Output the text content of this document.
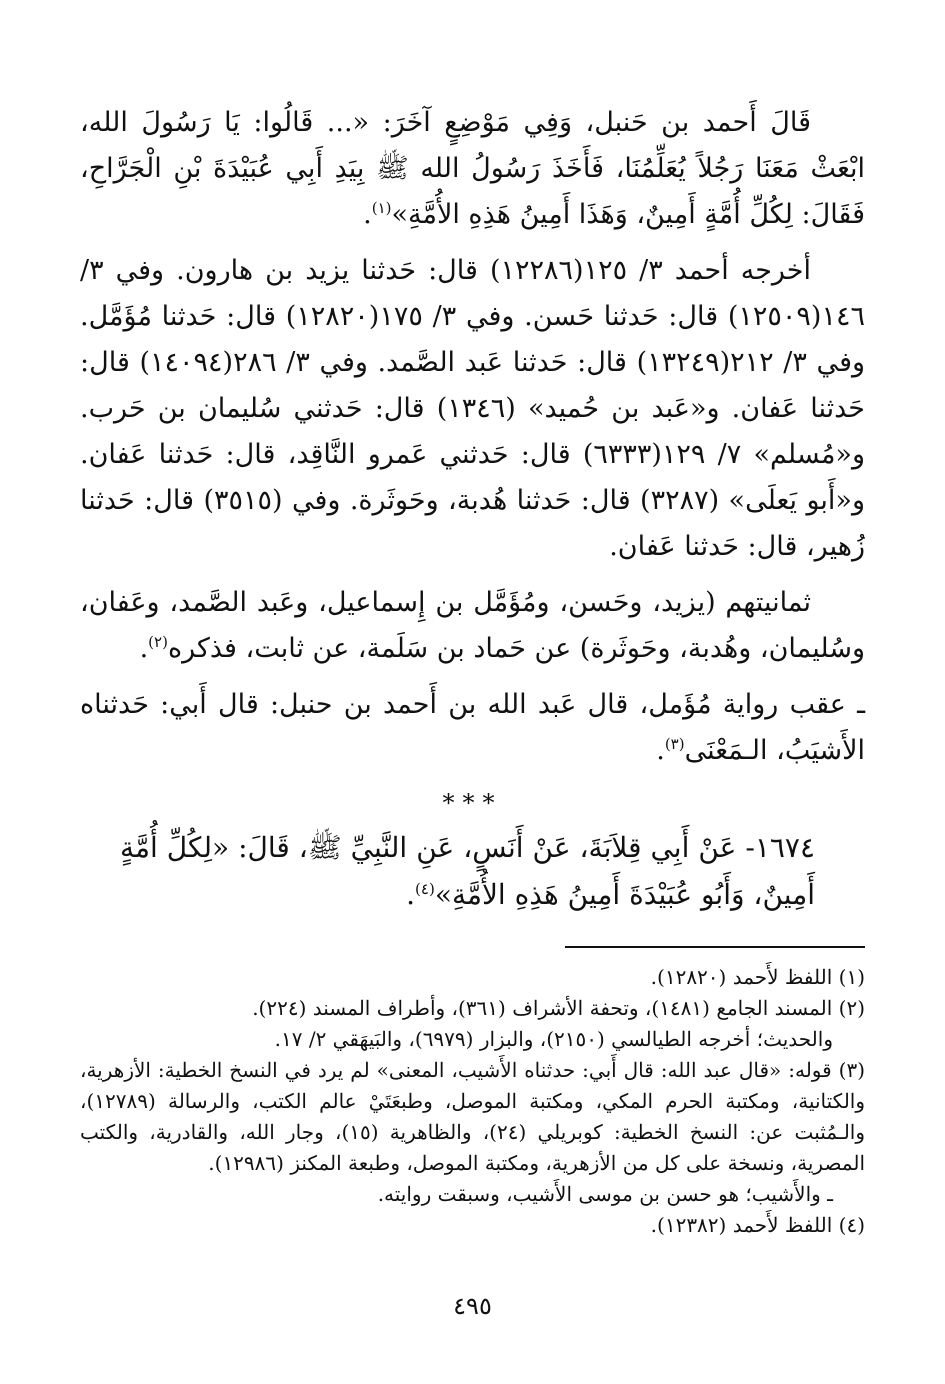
قَالَ أَحمد بن حَنبل، وَفِي مَوْضِعٍ آخَرَ: «... قَالُوا: يَا رَسُولَ الله، ابْعَثْ مَعَنَا رَجُلاً يُعَلِّمُنَا، فَأَخَذَ رَسُولُ الله ﷺ بِيَدِ أَبِي عُبَيْدَةَ بْنِ الْجَرَّاحِ، فَقَالَ: لِكُلِّ أُمَّةٍ أَمِينٌ، وَهَذَا أَمِينُ هَذِهِ الأُمَّةِ»$^{(١)}$.

أخرجه أحمد ٣/ ١٢٥(١٢٢٨٦) قال: حَدثنا يزيد بن هارون. وفي ٣/ ١٤٦(١٢٥٠٩) قال: حَدثنا حَسن. وفي ٣/ ١٧٥(١٢٨٢٠) قال: حَدثنا مُؤَمَّل. وفي ٣/ ٢١٢(١٣٢٤٩) قال: حَدثنا عَبد الصَّمد. وفي ٣/ ٢٨٦(١٤٠٩٤) قال: حَدثنا عَفان. و«عَبد بن حُميد» (١٣٤٦) قال: حَدثني سُليمان بن حَرب. و«مُسلم» ٧/ ١٢٩(٦٣٣٣) قال: حَدثني عَمرو النَّاقِد، قال: حَدثنا عَفان. و«أَبو يَعلَى» (٣٢٨٧) قال: حَدثنا هُدبة، وحَوثَرة. وفي (٣٥١٥) قال: حَدثنا زُهير، قال: حَدثنا عَفان.

ثمانيتهم (يزيد، وحَسن، ومُؤَمَّل بن إِسماعيل، وعَبد الصَّمد، وعَفان، وسُليمان، وهُدبة، وحَوثَرة) عن حَماد بن سَلَمة، عن ثابت، فذكره$^{(٢)}$.

ـ عقب رواية مُؤَمل، قال عَبد الله بن أَحمد بن حنبل: قال أَبي: حَدثناه الأَشيَبُ، الـمَعْنَى$^{(٣)}$.

***

١٦٧٤- عَنْ أَبِي قِلاَبَةَ، عَنْ أَنَسٍ، عَنِ النَّبِيِّ ﷺ، قَالَ: «لِكُلِّ أُمَّةٍ أَمِينٌ، وَأَبُو عُبَيْدَةَ أَمِينُ هَذِهِ الأُمَّةِ»$^{(٤)}$.

(١) اللفظ لأَحمد (١٢٨٢٠).

(٢) المسند الجامع (١٤٨١)، وتحفة الأشراف (٣٦١)، وأطراف المسند (٢٢٤).

والحديث؛ أخرجه الطيالسي (٢١٥٠)، والبزار (٦٩٧٩)، والبَيهَقي ٢/ ١٧.

(٣) قوله: «قال عبد الله: قال أَبي: حدثناه الأَشيب، المعنى» لم يرد في النسخ الخطية: الأزهرية، والكتانية، ومكتبة الحرم المكي، ومكتبة الموصل، وطبعَتَيْ عالم الكتب، والرسالة (١٢٧٨٩)، والـمُثبت عن: النسخ الخطية: كوبريلي (٢٤)، والظاهرية (١٥)، وجار الله، والقادرية، والكتب المصرية، ونسخة على كل من الأزهرية، ومكتبة الموصل، وطبعة المكنز (١٢٩٨٦).

ـ والأَشيب؛ هو حسن بن موسى الأَشيب، وسبقت روايته.

(٤) اللفظ لأَحمد (١٢٣٨٢).

٤٩٥
